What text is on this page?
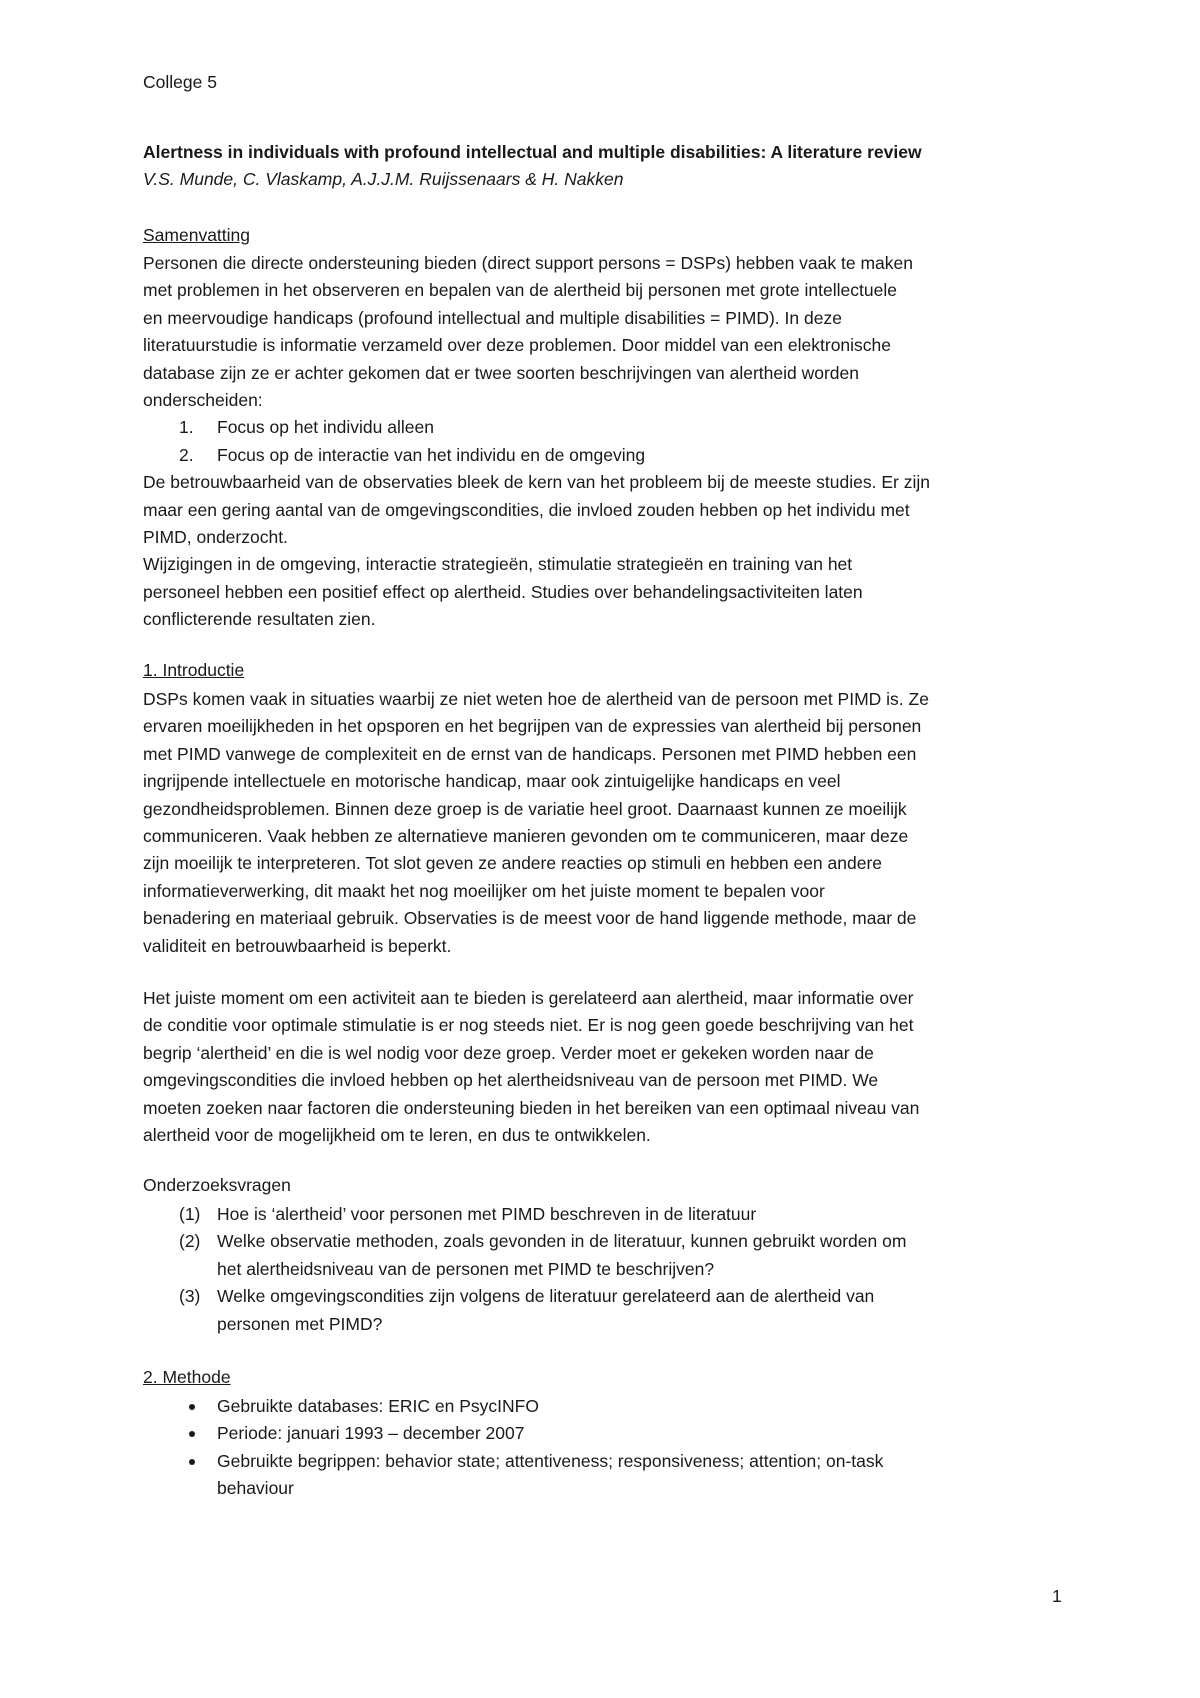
College 5
Alertness in individuals with profound intellectual and multiple disabilities: A literature review
V.S. Munde, C. Vlaskamp, A.J.J.M. Ruijssenaars & H. Nakken
Samenvatting
Personen die directe ondersteuning bieden (direct support persons = DSPs) hebben vaak te maken
met problemen in het observeren en bepalen van de alertheid bij personen met grote intellectuele
en meervoudige handicaps (profound intellectual and multiple disabilities = PIMD). In deze
literatuurstudie is informatie verzameld over deze problemen. Door middel van een elektronische
database zijn ze er achter gekomen dat er twee soorten beschrijvingen van alertheid worden
onderscheiden:
1. Focus op het individu alleen
2. Focus op de interactie van het individu en de omgeving
De betrouwbaarheid van de observaties bleek de kern van het probleem bij de meeste studies. Er zijn
maar een gering aantal van de omgevingscondities, die invloed zouden hebben op het individu met
PIMD, onderzocht.
Wijzigingen in de omgeving, interactie strategieën, stimulatie strategieën en training van het
personeel hebben een positief effect op alertheid. Studies over behandelingsactiviteiten laten
conflicterende resultaten zien.
1. Introductie
DSPs komen vaak in situaties waarbij ze niet weten hoe de alertheid van de persoon met PIMD is. Ze
ervaren moeilijkheden in het opsporen en het begrijpen van de expressies van alertheid bij personen
met PIMD vanwege de complexiteit en de ernst van de handicaps. Personen met PIMD hebben een
ingrijpende intellectuele en motorische handicap, maar ook zintuigelijke handicaps en veel
gezondheidsproblemen. Binnen deze groep is de variatie heel groot. Daarnaast kunnen ze moeilijk
communiceren. Vaak hebben ze alternatieve manieren gevonden om te communiceren, maar deze
zijn moeilijk te interpreteren. Tot slot geven ze andere reacties op stimuli en hebben een andere
informatieverwerking, dit maakt het nog moeilijker om het juiste moment te bepalen voor
benadering en materiaal gebruik. Observaties is de meest voor de hand liggende methode, maar de
validiteit en betrouwbaarheid is beperkt.
Het juiste moment om een activiteit aan te bieden is gerelateerd aan alertheid, maar informatie over
de conditie voor optimale stimulatie is er nog steeds niet. Er is nog geen goede beschrijving van het
begrip ‘alertheid’ en die is wel nodig voor deze groep. Verder moet er gekeken worden naar de
omgevingscondities die invloed hebben op het alertheidsniveau van de persoon met PIMD. We
moeten zoeken naar factoren die ondersteuning bieden in het bereiken van een optimaal niveau van
alertheid voor de mogelijkheid om te leren, en dus te ontwikkelen.
Onderzoeksvragen
(1) Hoe is ‘alertheid’ voor personen met PIMD beschreven in de literatuur
(2) Welke observatie methoden, zoals gevonden in de literatuur, kunnen gebruikt worden om
het alertheidsniveau van de personen met PIMD te beschrijven?
(3) Welke omgevingscondities zijn volgens de literatuur gerelateerd aan de alertheid van
personen met PIMD?
2. Methode
Gebruikte databases: ERIC en PsycINFO
Periode: januari 1993 – december 2007
Gebruikte begrippen: behavior state; attentiveness; responsiveness; attention; on-task
behaviour
1
